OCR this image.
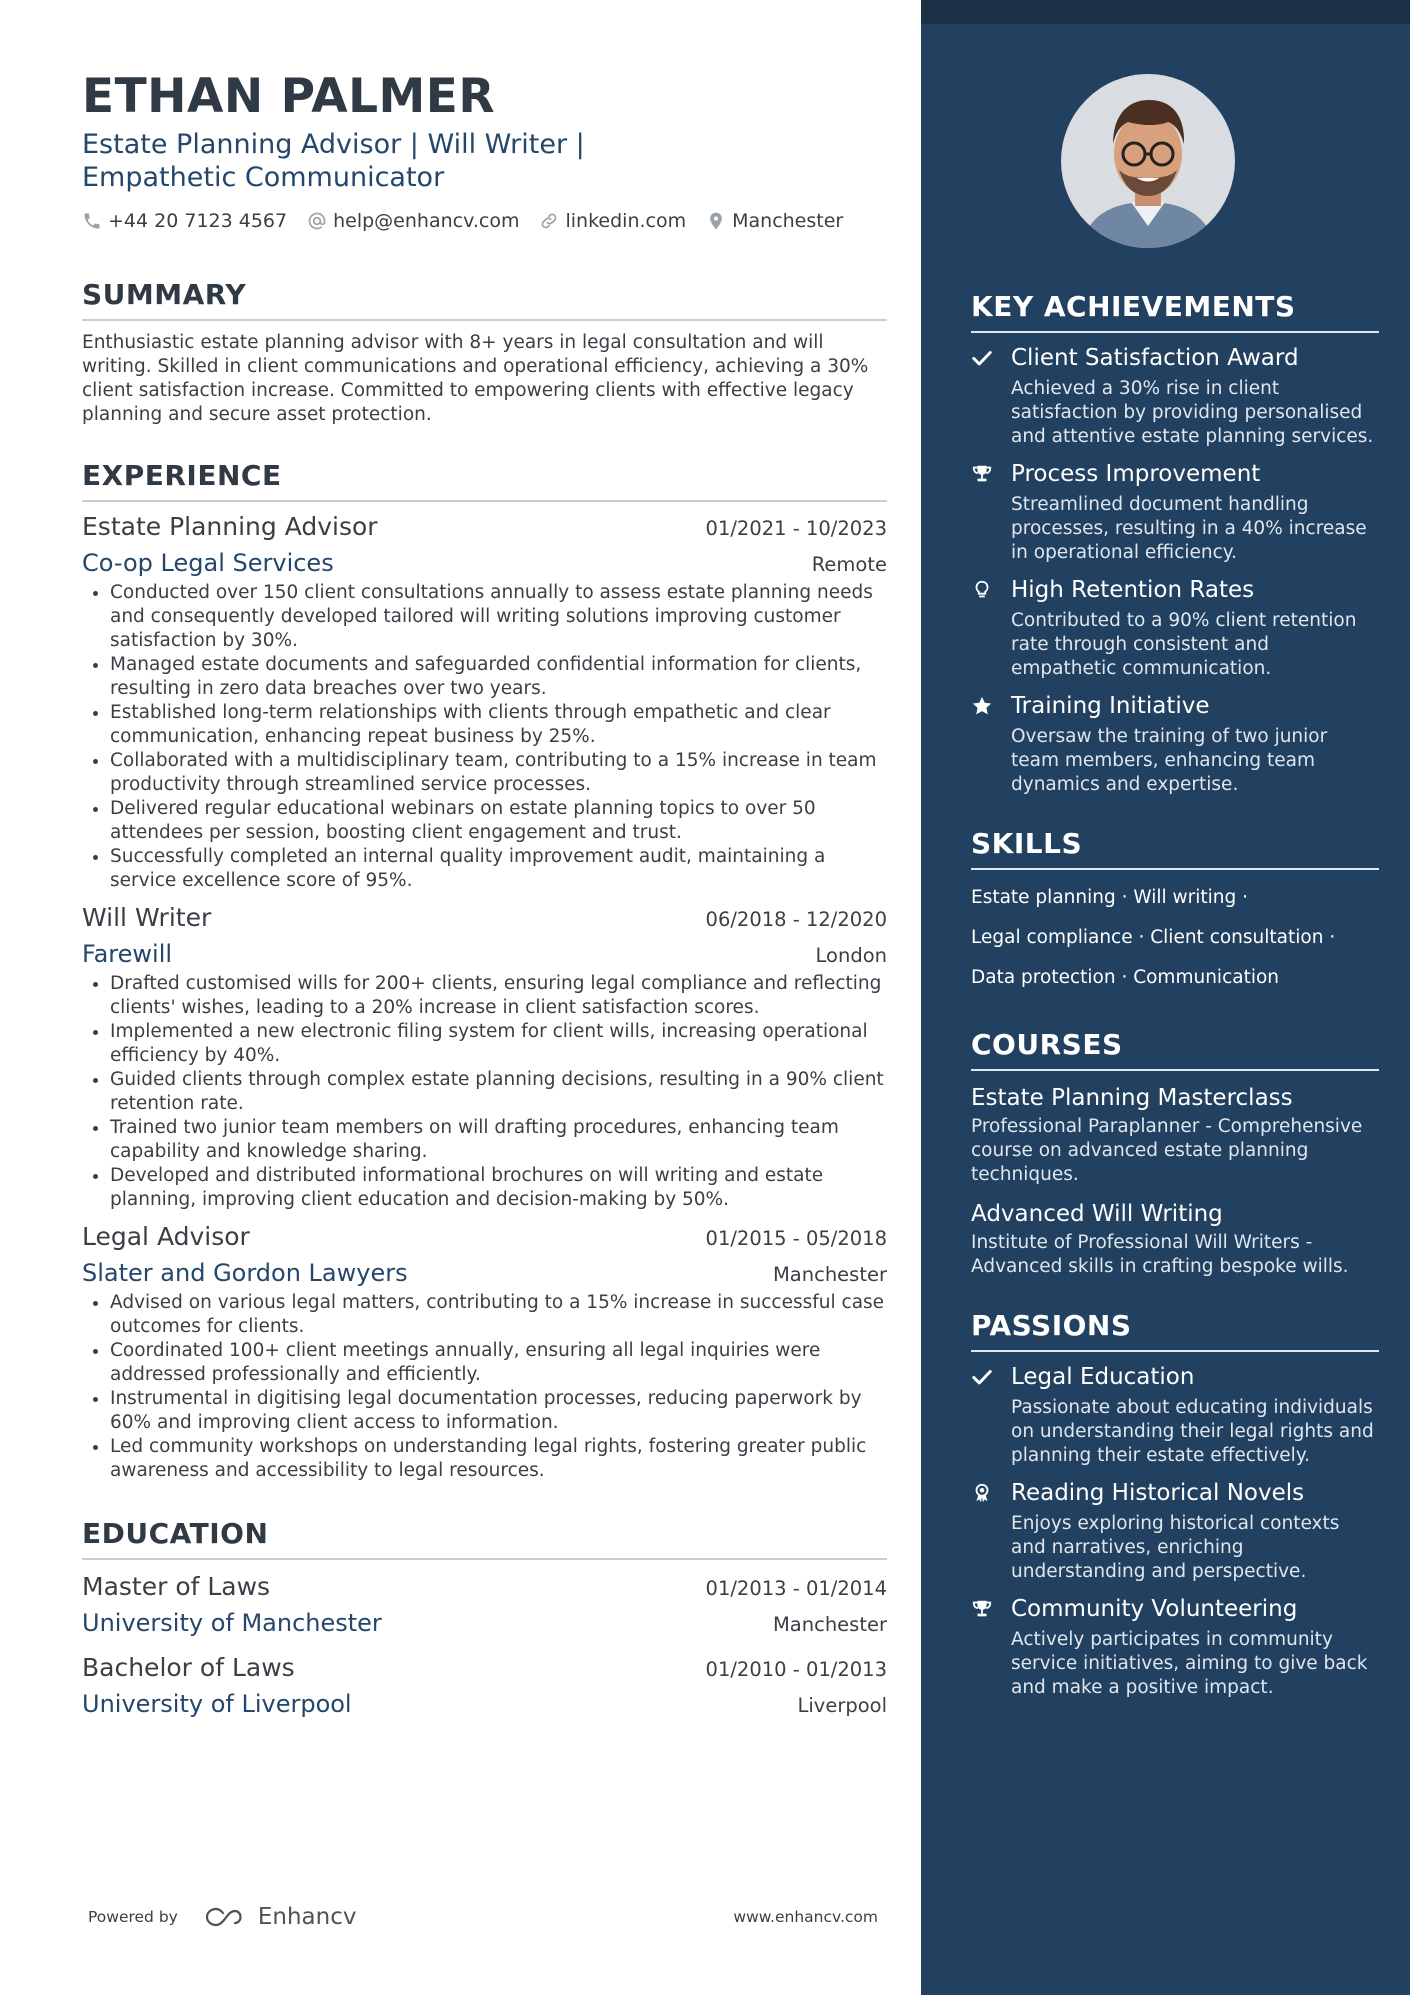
ETHAN PALMER

Estate Planning Advisor | Will Writer | Empathetic Communicator

+44 20 7123 4567 help@enhancv.com linkedin.com Manchester
SUMMARY

Enthusiastic estate planning advisor with 8+ years in legal consultation and will writing. Skilled in client communications and operational efficiency, achieving a 30% client satisfaction increase. Committed to empowering clients with effective legacy planning and secure asset protection.

EXPERIENCE
Estate Planning Advisor	01/2021 - 10/2023
Co-op Legal Services	Remote
• Conducted over 150 client consultations annually to assess estate planning needs and consequently developed tailored will writing solutions improving customer satisfaction by 30%.
• Managed estate documents and safeguarded confidential information for clients, resulting in zero data breaches over two years.
• Established long-term relationships with clients through empathetic and clear communication, enhancing repeat business by 25%.
• Collaborated with a multidisciplinary team, contributing to a 15% increase in team productivity through streamlined service processes.
• Delivered regular educational webinars on estate planning topics to over 50 attendees per session, boosting client engagement and trust.
• Successfully completed an internal quality improvement audit, maintaining a service excellence score of 95%.
Will Writer	06/2018 - 12/2020
Farewill	London
• Drafted customised wills for 200+ clients, ensuring legal compliance and reflecting clients' wishes, leading to a 20% increase in client satisfaction scores.
• Implemented a new electronic filing system for client wills, increasing operational efficiency by 40%.
• Guided clients through complex estate planning decisions, resulting in a 90% client retention rate.
• Trained two junior team members on will drafting procedures, enhancing team capability and knowledge sharing.
• Developed and distributed informational brochures on will writing and estate planning, improving client education and decision-making by 50%.
Legal Advisor	01/2015 - 05/2018
Slater and Gordon Lawyers	Manchester
• Advised on various legal matters, contributing to a 15% increase in successful case outcomes for clients.
• Coordinated 100+ client meetings annually, ensuring all legal inquiries were addressed professionally and efficiently.
• Instrumental in digitising legal documentation processes, reducing paperwork by 60% and improving client access to information.
• Led community workshops on understanding legal rights, fostering greater public awareness and accessibility to legal resources.
EDUCATION
Master of Laws	01/2013 - 01/2014
University of Manchester	Manchester
Bachelor of Laws	01/2010 - 01/2013
University of Liverpool	Liverpool
Powered by	Enhancv	www.enhancv.com
KEY ACHIEVEMENTS
Client Satisfaction Award
Achieved a 30% rise in client satisfaction by providing personalised and attentive estate planning services.
Process Improvement
Streamlined document handling processes, resulting in a 40% increase in operational efficiency.
High Retention Rates
Contributed to a 90% client retention rate through consistent and empathetic communication.
Training Initiative
Oversaw the training of two junior team members, enhancing team dynamics and expertise.
SKILLS
Estate planning · Will writing ·
Legal compliance · Client consultation ·
Data protection · Communication
COURSES
Estate Planning Masterclass
Professional Paraplanner - Comprehensive course on advanced estate planning techniques.
Advanced Will Writing
Institute of Professional Will Writers - Advanced skills in crafting bespoke wills.
PASSIONS
Legal Education
Passionate about educating individuals on understanding their legal rights and planning their estate effectively.
Reading Historical Novels
Enjoys exploring historical contexts and narratives, enriching understanding and perspective.
Community Volunteering
Actively participates in community service initiatives, aiming to give back and make a positive impact.
